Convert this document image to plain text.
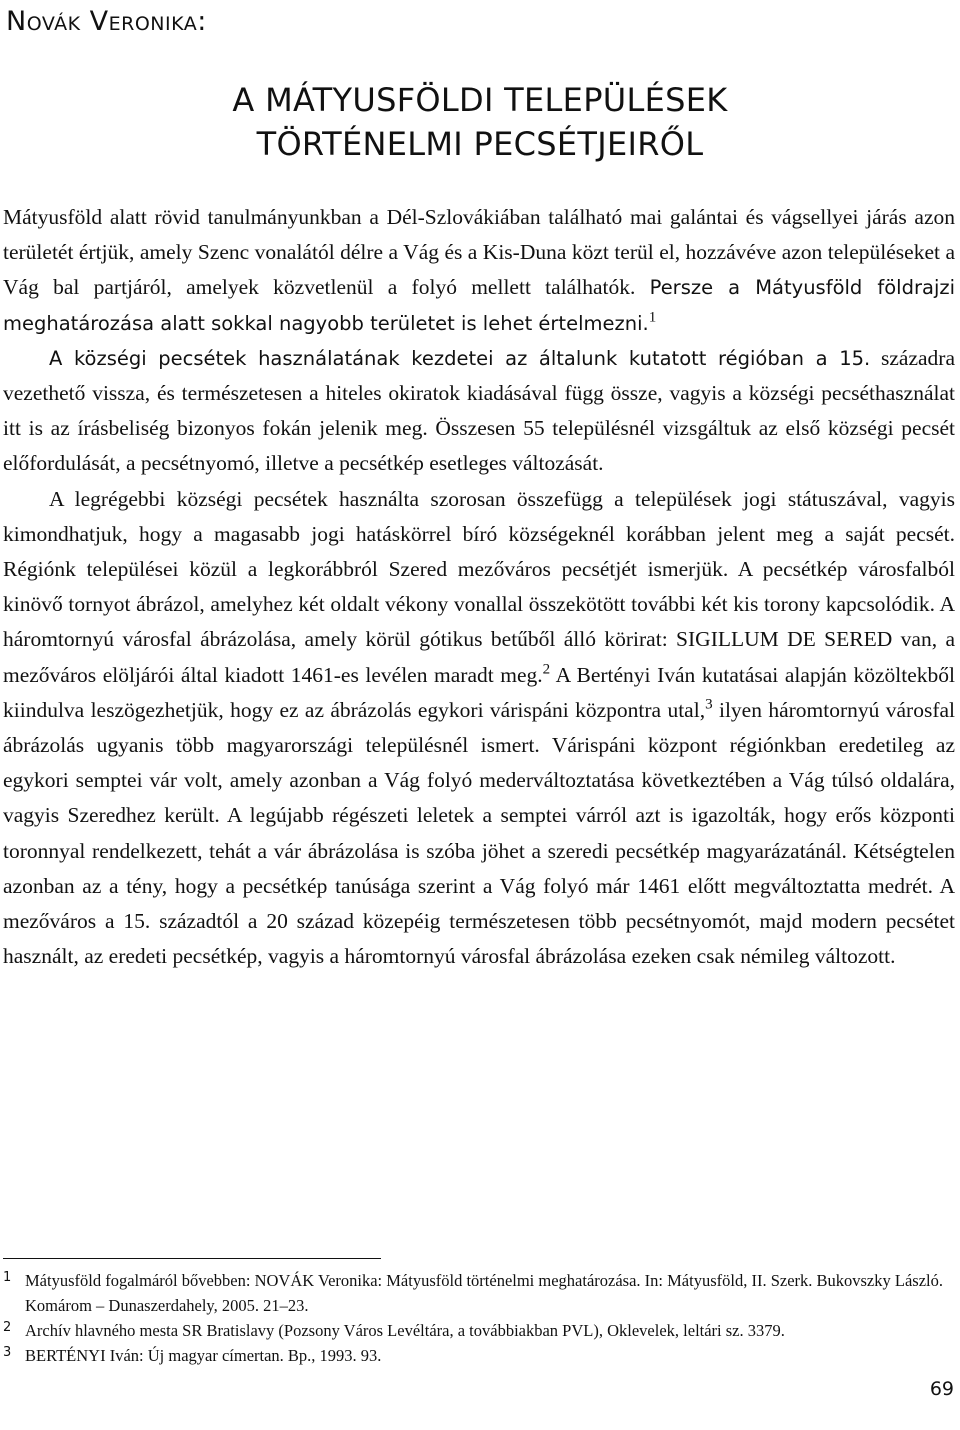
Novák Veronika:
A MÁTYUSFÖLDI TELEPÜLÉSEK
TÖRTÉNELMI PECSÉTJEIRŐL

Mátyusföld alatt rövid tanulmányunkban a Dél-Szlovákiában található mai galántai és vágsellyei járás azon területét értjük, amely Szenc vonalától délre a Vág és a Kis-Duna közt terül el, hozzávéve azon településeket a Vág bal partjáról, amelyek közvetlenül a folyó mellett találhatók. Persze a Mátyusföld földrajzi meghatározása alatt sokkal nagyobb területet is lehet értelmezni.$^1$

A községi pecsétek használatának kezdetei az általunk kutatott régióban a 15. századra vezethető vissza, és természetesen a hiteles okiratok kiadásával függ össze, vagyis a községi pecséthasználat itt is az írásbeliség bizonyos fokán jelenik meg. Összesen 55 településnél vizsgáltuk az első községi pecsét előfordulását, a pecsétnyomó, illetve a pecsétkép esetleges változását.

A legrégebbi községi pecsétek használta szorosan összefügg a települések jogi státuszával, vagyis kimondhatjuk, hogy a magasabb jogi hatáskörrel bíró községeknél korábban jelent meg a saját pecsét. Régiónk települései közül a legkorábbról Szered mezőváros pecsétjét ismerjük. A pecsétkép városfalból kinövő tornyot ábrázol, amelyhez két oldalt vékony vonallal összekötött további két kis torony kapcsolódik. A háromtornyú városfal ábrázolása, amely körül gótikus betűből álló körirat: SIGILLUM DE SERED van, a mezőváros elöljárói által kiadott 1461-es levélen maradt meg.$^2$ A Bertényi Iván kutatásai alapján közöltekből kiindulva leszögezhetjük, hogy ez az ábrázolás egykori várispáni központra utal,$^3$ ilyen háromtornyú városfal ábrázolás ugyanis több magyarországi településnél ismert. Várispáni központ régiónkban eredetileg az egykori semptei vár volt, amely azonban a Vág folyó mederváltoztatása következtében a Vág túlsó oldalára, vagyis Szeredhez került. A legújabb régészeti leletek a semptei várról azt is igazolták, hogy erős központi toronnyal rendelkezett, tehát a vár ábrázolása is szóba jöhet a szeredi pecsétkép magyarázatánál. Kétségtelen azonban az a tény, hogy a pecsétkép tanúsága szerint a Vág folyó már 1461 előtt megváltoztatta medrét. A mezőváros a 15. századtól a 20 század közepéig természetesen több pecsétnyomót, majd modern pecsétet használt, az eredeti pecsétkép, vagyis a háromtornyú városfal ábrázolása ezeken csak némileg változott.

1 Mátyusföld fogalmáról bővebben: NOVÁK Veronika: Mátyusföld történelmi meghatározása. In: Mátyusföld, II. Szerk. Bukovszky László. Komárom – Dunaszerdahely, 2005. 21–23.

2 Archív hlavného mesta SR Bratislavy (Pozsony Város Levéltára, a továbbiakban PVL), Oklevelek, leltári sz. 3379.

3 BERTÉNYI Iván: Új magyar címertan. Bp., 1993. 93.

69
